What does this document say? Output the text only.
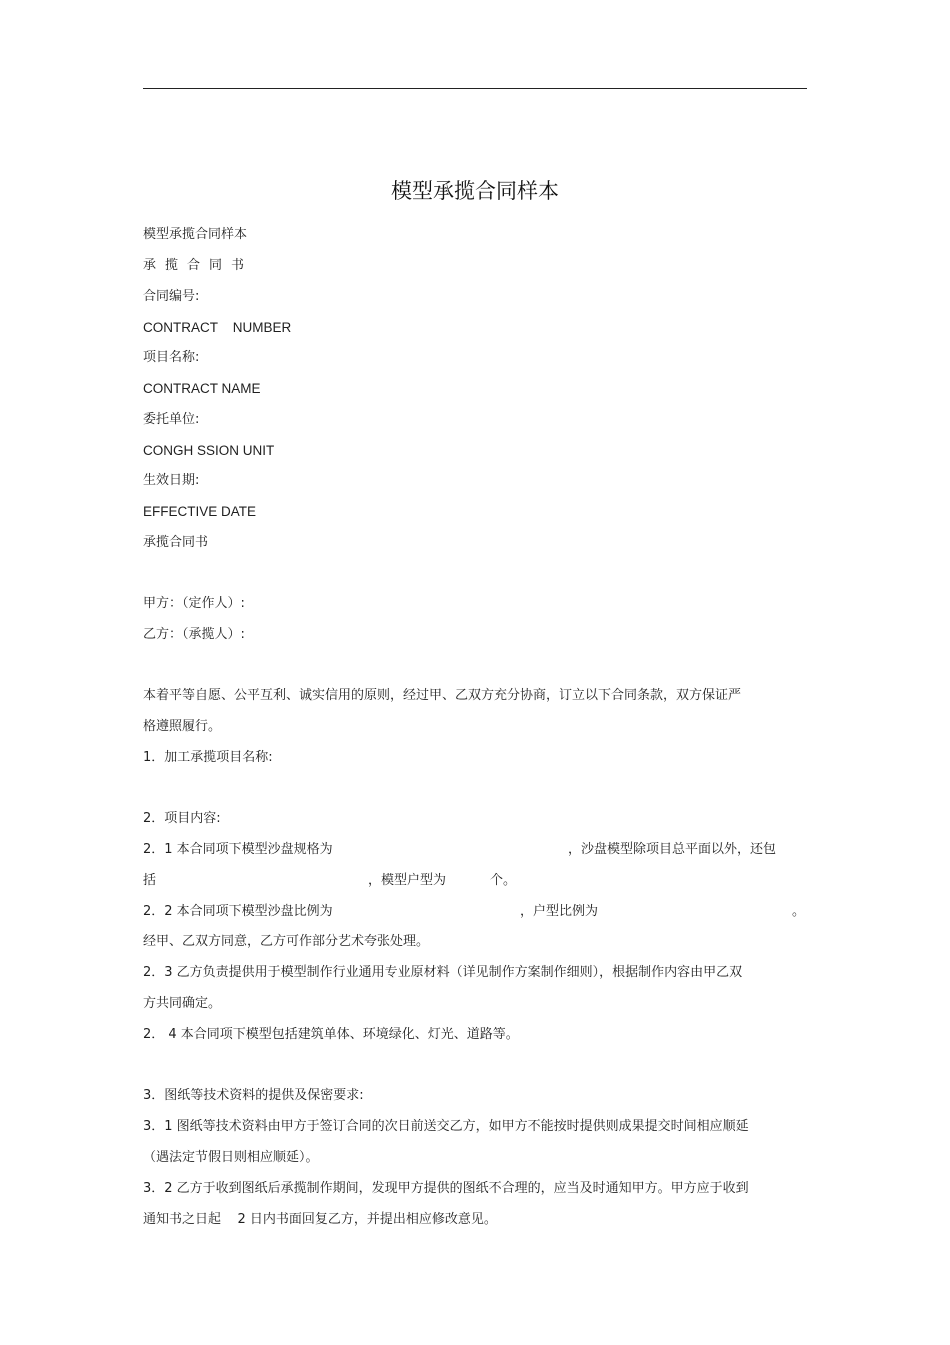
模型承揽合同样本
模型承揽合同样本
承揽合同书
合同编号:
CONTRACT    NUMBER
项目名称:
CONTRACT NAME
委托单位:
CONGH SSION UNIT
生效日期:
EFFECTIVE DATE
承揽合同书
甲方：（定作人）:
乙方：（承揽人）:
本着平等自愿、公平互利、诚实信用的原则，经过甲、乙双方充分协商，订立以下合同条款，双方保证严
格遵照履行。
1．加工承揽项目名称:
2．项目内容:
2．1 本合同项下模型沙盘规格为	，沙盘模型除项目总平面以外，还包
括	，模型户型为	个。
2．2 本合同项下模型沙盘比例为	，户型比例为	。
经甲、乙双方同意，乙方可作部分艺术夸张处理。
2．3 乙方负责提供用于模型制作行业通用专业原材料（详见制作方案制作细则），根据制作内容由甲乙双
方共同确定。
2． 4 本合同项下模型包括建筑单体、环境绿化、灯光、道路等。
3．图纸等技术资料的提供及保密要求:
3．1 图纸等技术资料由甲方于签订合同的次日前送交乙方，如甲方不能按时提供则成果提交时间相应顺延
（遇法定节假日则相应顺延）。
3．2 乙方于收到图纸后承揽制作期间，发现甲方提供的图纸不合理的，应当及时通知甲方。甲方应于收到
通知书之日起    2 日内书面回复乙方，并提出相应修改意见。
